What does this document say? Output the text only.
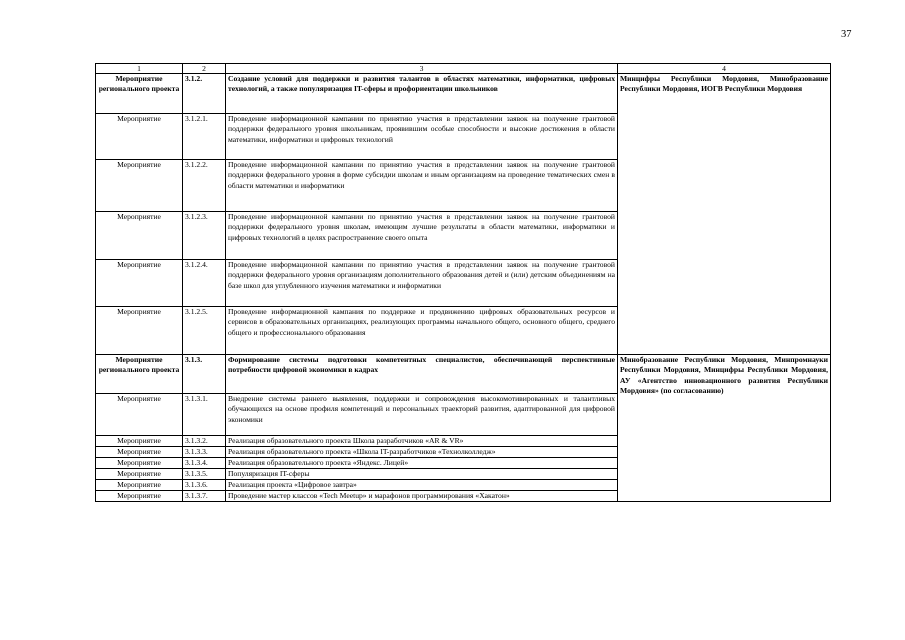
37
1	2	3	4
Мероприятие регионального проекта	3.1.2.	Создание условий для поддержки и развития талантов в областях математики, информатики, цифровых технологий, а также популяризация IT-сферы и профориентации школьников	Минцифры Республики Мордовия, Минобразование Республики Мордовия, ИОГВ Республики Мордовия
Мероприятие	3.1.2.1.	Проведение информационной кампании по принятию участия в представлении заявок на получение грантовой поддержки федерального уровня школьникам, проявившим особые способности и высокие достижения в области математики, информатики и цифровых технологий	
Мероприятие	3.1.2.2.	Проведение информационной кампании по принятию участия в представлении заявок на получение грантовой поддержки федерального уровня в форме субсидии школам и иным организациям на проведение тематических смен в области математики и информатики	
Мероприятие	3.1.2.3.	Проведение информационной кампании по принятию участия в представлении заявок на получение грантовой поддержки федерального уровня школам, имеющим лучшие результаты в области математики, информатики и цифровых технологий в целях распространение своего опыта	
Мероприятие	3.1.2.4.	Проведение информационной кампании по принятию участия в представлении заявок на получение грантовой поддержки федерального уровня организациям дополнительного образования детей и (или) детским объединениям на базе школ для углубленного изучения математики и информатики	
Мероприятие	3.1.2.5.	Проведение информационной кампания по поддержке и продвижению цифровых образовательных ресурсов и сервисов в образовательных организациях, реализующих программы начального общего, основного общего, среднего общего и профессионального образования	
Мероприятие регионального проекта	3.1.3.	Формирование системы подготовки компетентных специалистов, обеспечивающей перспективные потребности цифровой экономики в кадрах	Минобразование Республики Мордовия, Минпромнауки Республики Мордовия, Минцифры Республики Мордовия, АУ «Агентство инновационного развития Республики Мордовия» (по согласованию)
Мероприятие	3.1.3.1.	Внедрение системы раннего выявления, поддержки и сопровождения высокомотивированных и талантливых обучающихся на основе профиля компетенций и персональных траекторий развития, адаптированной для цифровой экономики	
Мероприятие	3.1.3.2.	Реализация образовательного проекта Школа разработчиков «AR & VR»	
Мероприятие	3.1.3.3.	Реализация образовательного проекта «Школа IT-разработчиков «Технолколледж»	
Мероприятие	3.1.3.4.	Реализация образовательного проекта «Яндекс. Лицей»	
Мероприятие	3.1.3.5.	Популяризация IT-сферы	
Мероприятие	3.1.3.6.	Реализация проекта «Цифровое завтра»	
Мероприятие	3.1.3.7.	Проведение мастер классов «Tech Meetup» и марафонов программирования «Хакатон»	
